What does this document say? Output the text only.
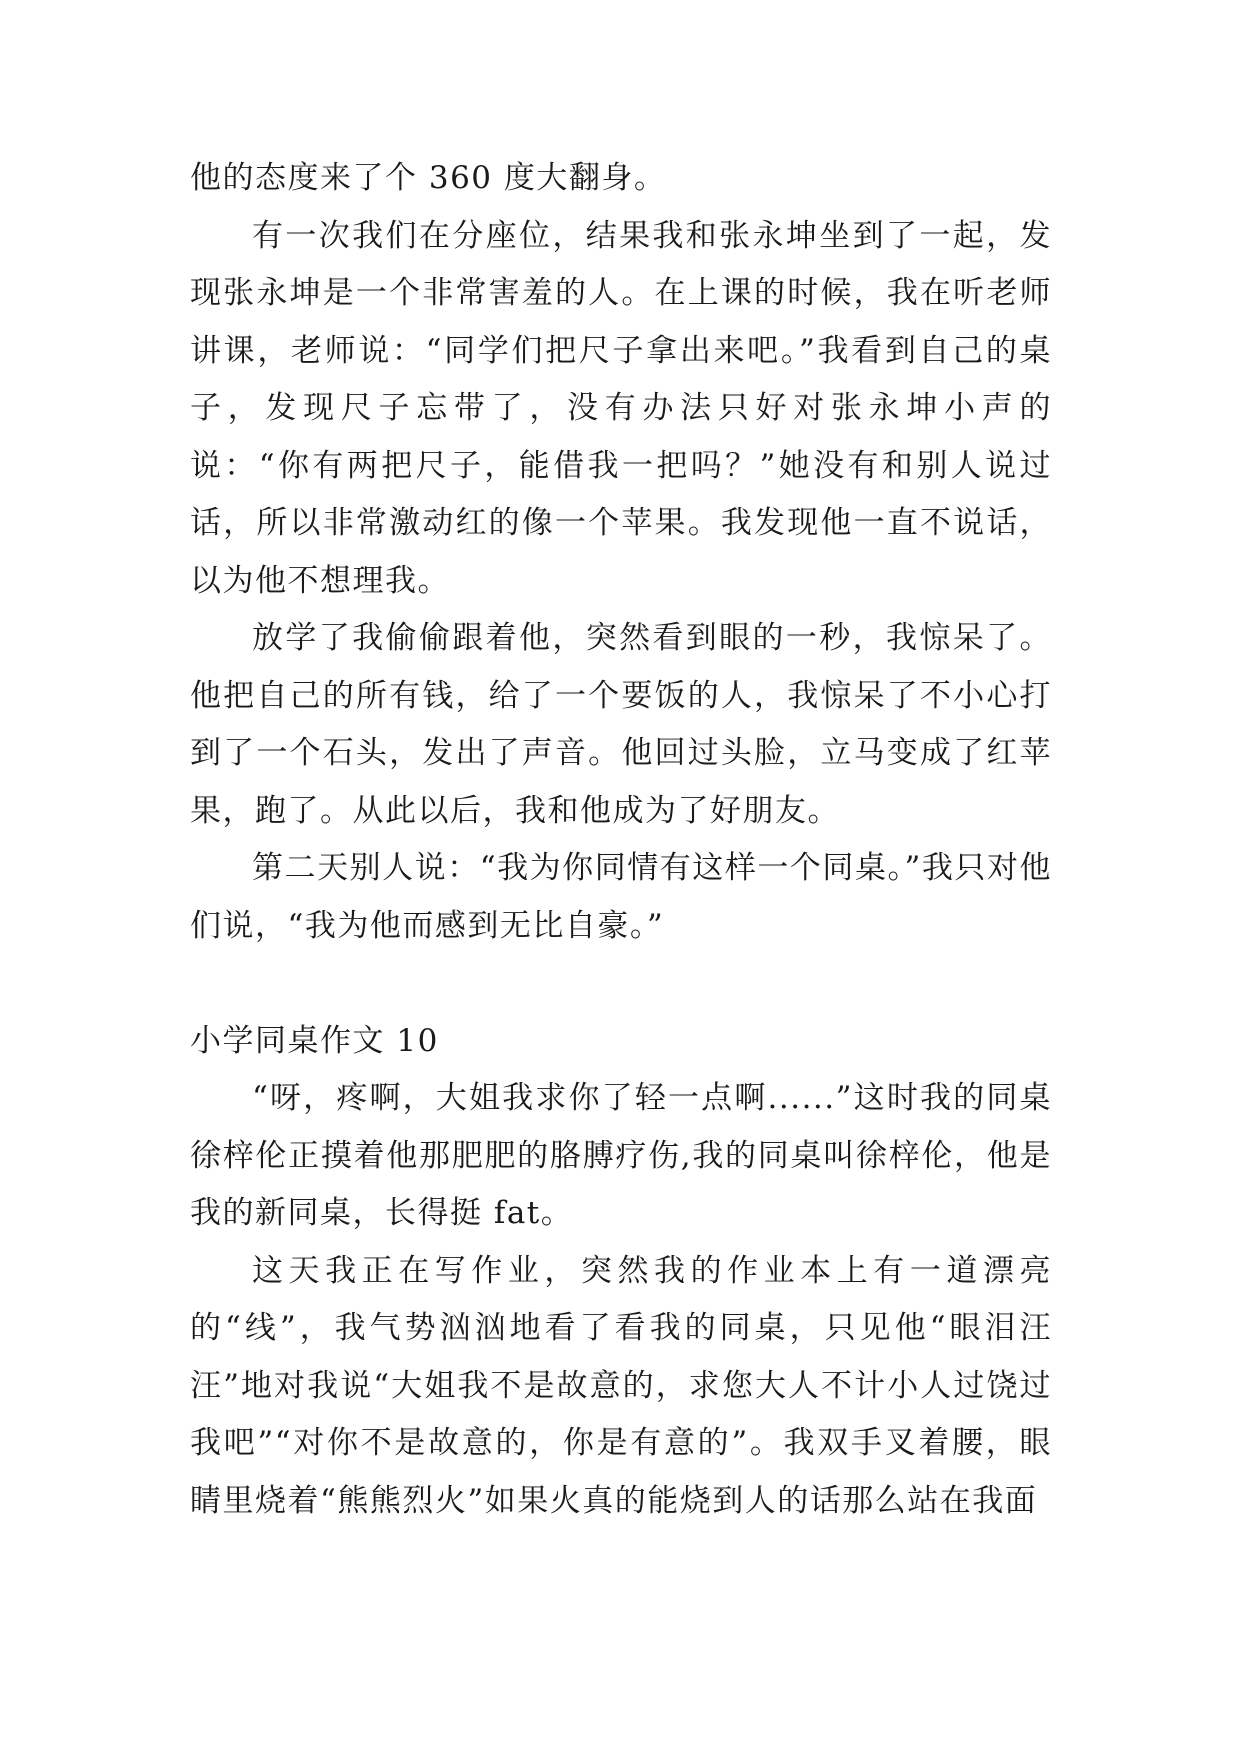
他的态度来了个 360 度大翻身。

有一次我们在分座位，结果我和张永坤坐到了一起，发现张永坤是一个非常害羞的人。在上课的时候，我在听老师讲课，老师说：“同学们把尺子拿出来吧。”我看到自己的桌子，发现尺子忘带了，没有办法只好对张永坤小声的说：“你有两把尺子，能借我一把吗？”她没有和别人说过话，所以非常激动红的像一个苹果。我发现他一直不说话，以为他不想理我。

放学了我偷偷跟着他，突然看到眼的一秒，我惊呆了。他把自己的所有钱，给了一个要饭的人，我惊呆了不小心打到了一个石头，发出了声音。他回过头脸，立马变成了红苹果，跑了。从此以后，我和他成为了好朋友。

第二天别人说：“我为你同情有这样一个同桌。”我只对他们说，“我为他而感到无比自豪。”

小学同桌作文 10

“呀，疼啊，大姐我求你了轻一点啊......”这时我的同桌徐梓伦正摸着他那肥肥的胳膊疗伤,我的同桌叫徐梓伦，他是我的新同桌，长得挺 fat。

这天我正在写作业，突然我的作业本上有一道漂亮的“线”，我气势汹汹地看了看我的同桌，只见他“眼泪汪汪”地对我说“大姐我不是故意的，求您大人不计小人过饶过我吧”“对你不是故意的，你是有意的”。我双手叉着腰，眼睛里烧着“熊熊烈火”如果火真的能烧到人的话那么站在我面
